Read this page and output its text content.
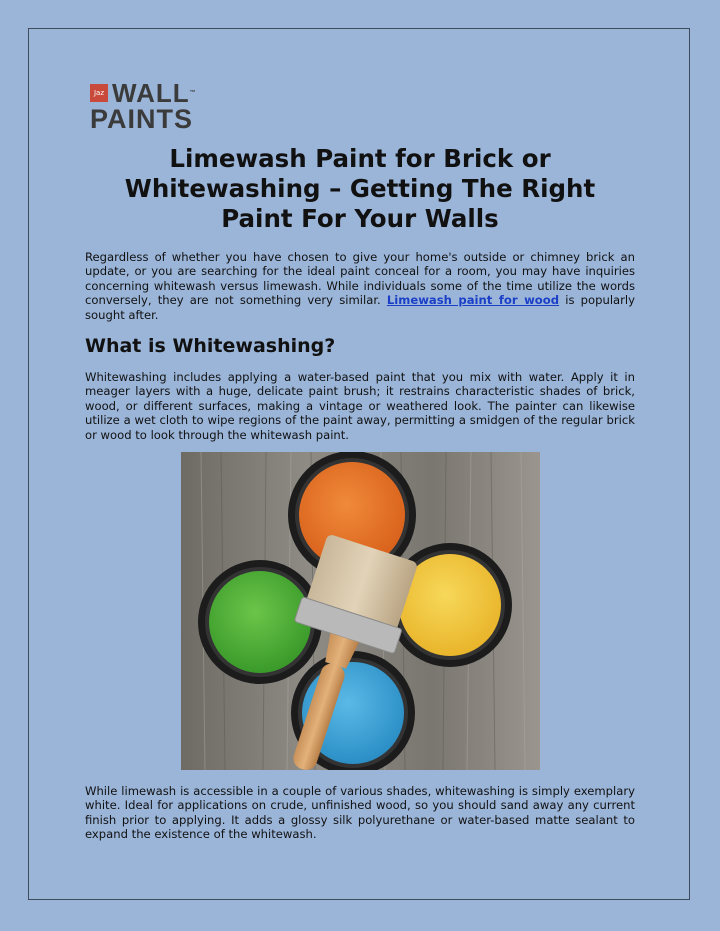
Jaz WALL™
PAINTS
Limewash Paint for Brick or Whitewashing – Getting The Right Paint For Your Walls

Regardless of whether you have chosen to give your home's outside or chimney brick an update, or you are searching for the ideal paint conceal for a room, you may have inquiries concerning whitewash versus limewash. While individuals some of the time utilize the words conversely, they are not something very similar. Limewash paint for wood is popularly sought after.

What is Whitewashing?

Whitewashing includes applying a water-based paint that you mix with water. Apply it in meager layers with a huge, delicate paint brush; it restrains characteristic shades of brick, wood, or different surfaces, making a vintage or weathered look. The painter can likewise utilize a wet cloth to wipe regions of the paint away, permitting a smidgen of the regular brick or wood to look through the whitewash paint.

While limewash is accessible in a couple of various shades, whitewashing is simply exemplary white. Ideal for applications on crude, unfinished wood, so you should sand away any current finish prior to applying. It adds a glossy silk polyurethane or water-based matte sealant to expand the existence of the whitewash.
